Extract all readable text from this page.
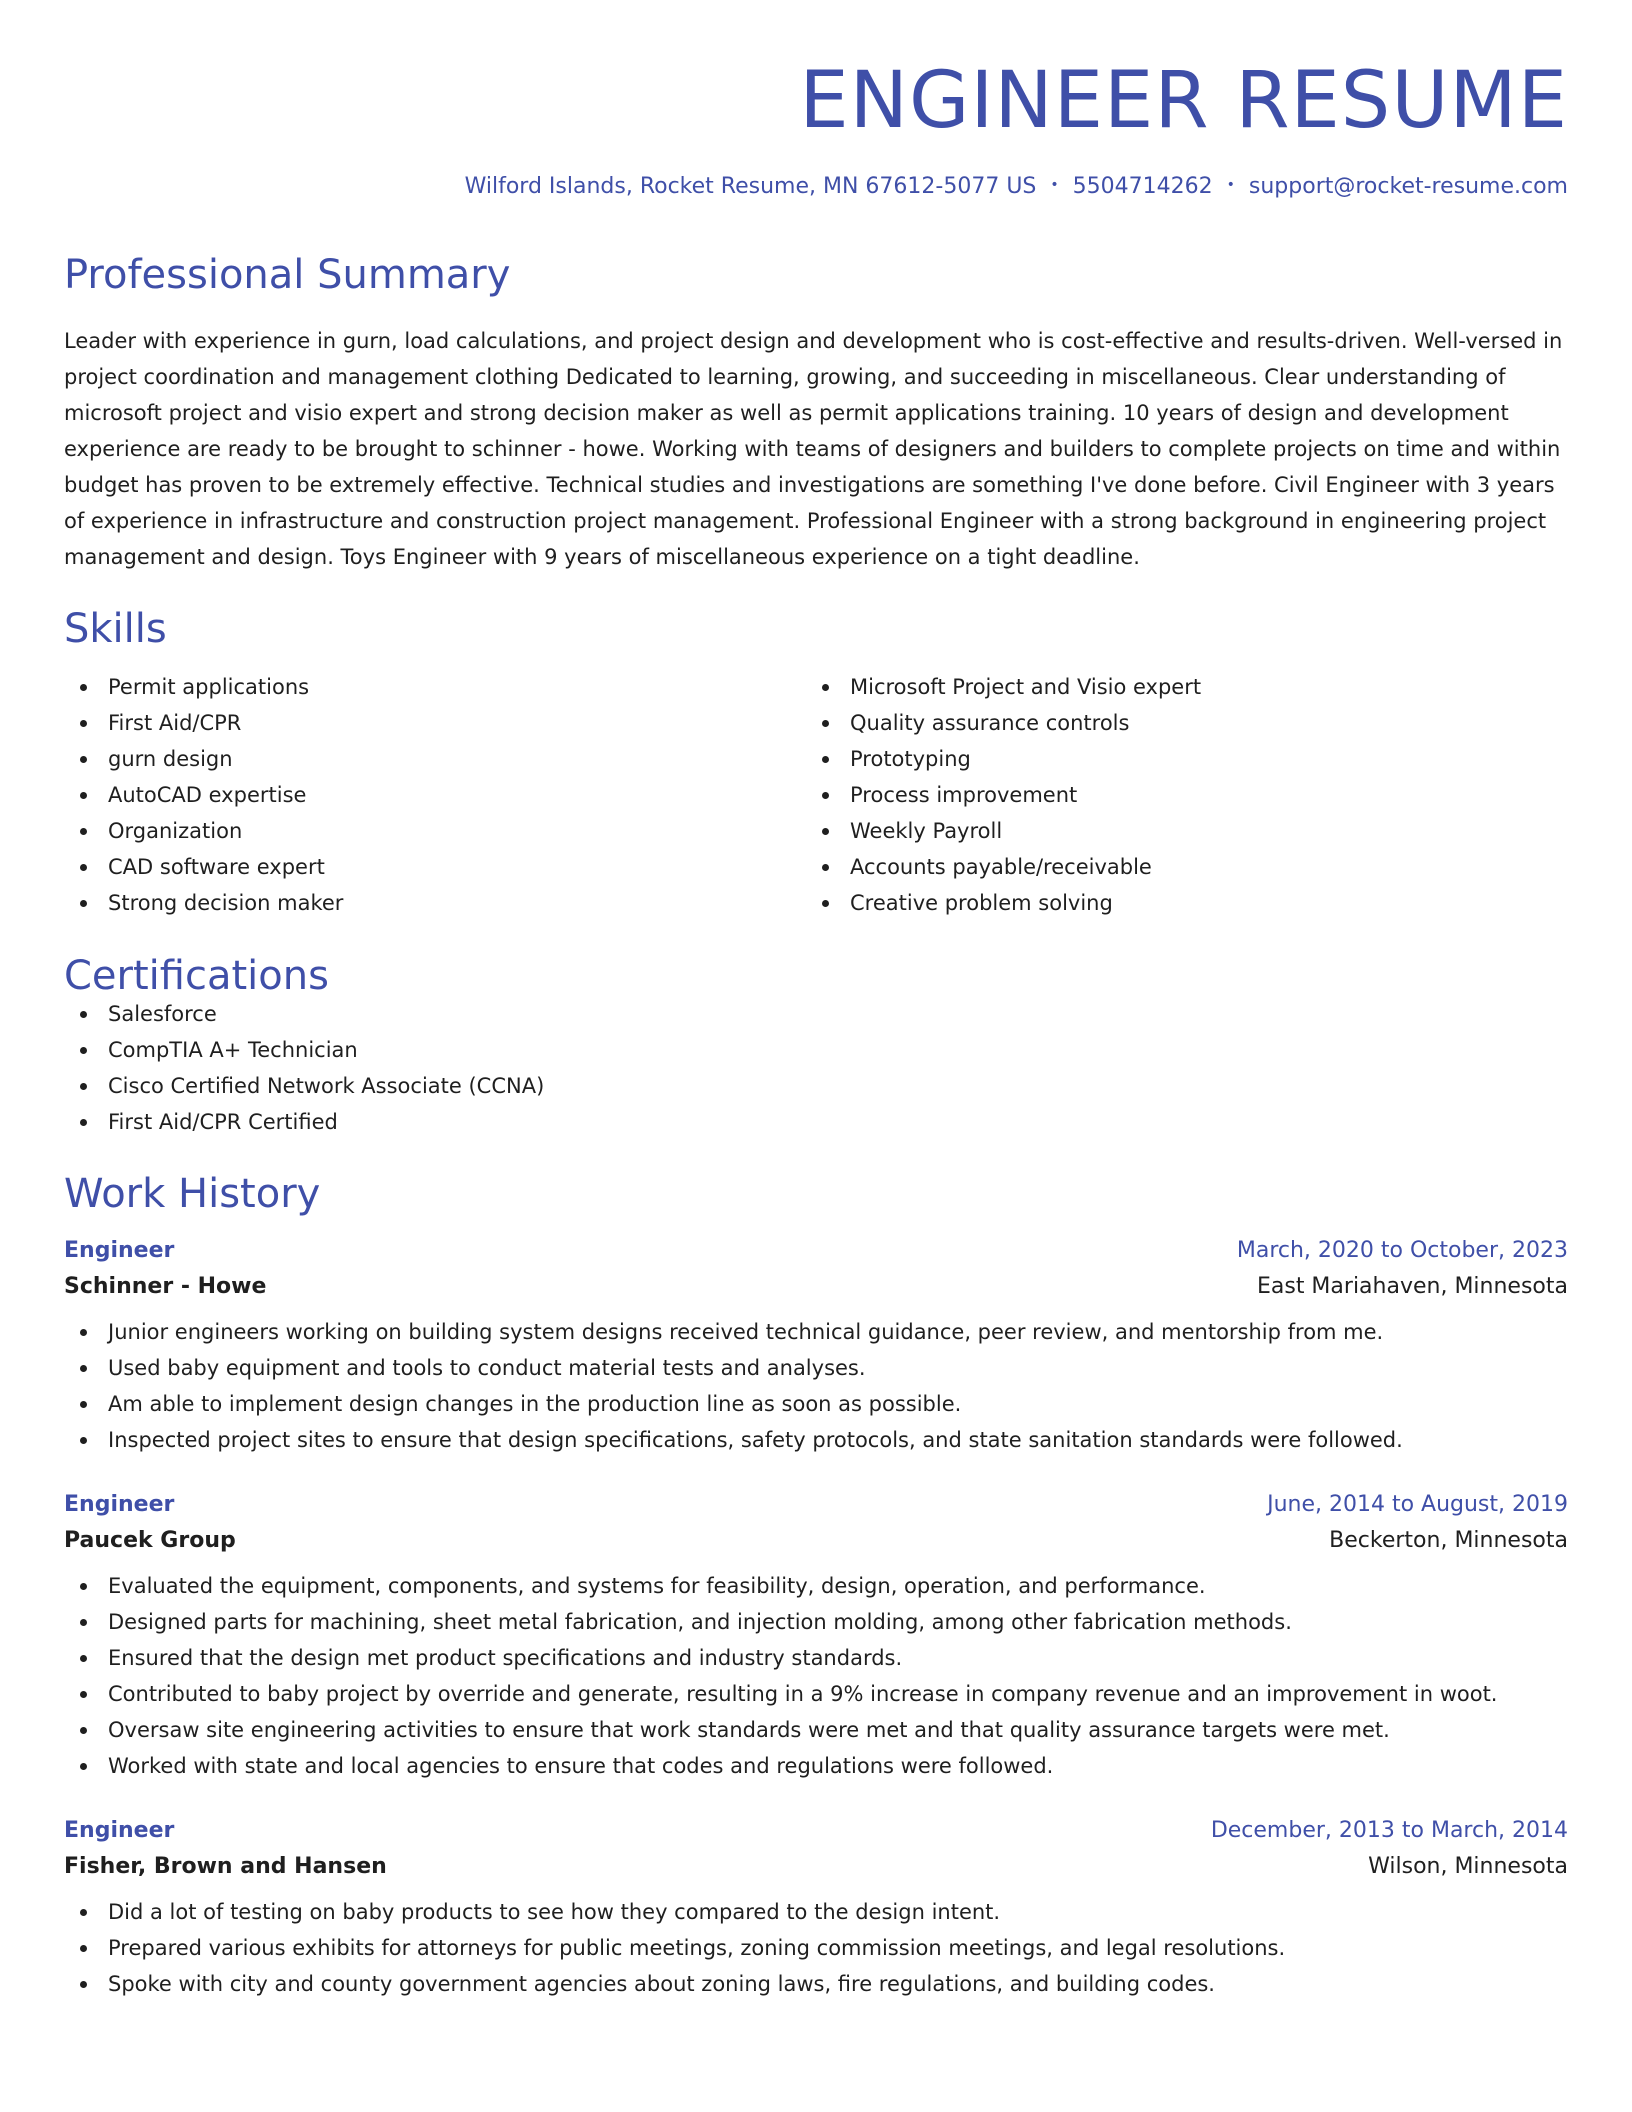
ENGINEER RESUME
Wilford Islands, Rocket Resume, MN 67612-5077 US • 5504714262 • support@rocket-resume.com
Professional Summary
Leader with experience in gurn, load calculations, and project design and development who is cost-effective and results-driven. Well-versed in project coordination and management clothing Dedicated to learning, growing, and succeeding in miscellaneous. Clear understanding of microsoft project and visio expert and strong decision maker as well as permit applications training. 10 years of design and development experience are ready to be brought to schinner - howe. Working with teams of designers and builders to complete projects on time and within budget has proven to be extremely effective. Technical studies and investigations are something I've done before. Civil Engineer with 3 years of experience in infrastructure and construction project management. Professional Engineer with a strong background in engineering project management and design. Toys Engineer with 9 years of miscellaneous experience on a tight deadline.
Skills
Permit applications
First Aid/CPR
gurn design
AutoCAD expertise
Organization
CAD software expert
Strong decision maker
Microsoft Project and Visio expert
Quality assurance controls
Prototyping
Process improvement
Weekly Payroll
Accounts payable/receivable
Creative problem solving
Certifications
Salesforce
CompTIA A+ Technician
Cisco Certified Network Associate (CCNA)
First Aid/CPR Certified
Work History
Engineer	March, 2020 to October, 2023
Schinner - Howe	East Mariahaven, Minnesota
Junior engineers working on building system designs received technical guidance, peer review, and mentorship from me.
Used baby equipment and tools to conduct material tests and analyses.
Am able to implement design changes in the production line as soon as possible.
Inspected project sites to ensure that design specifications, safety protocols, and state sanitation standards were followed.
Engineer	June, 2014 to August, 2019
Paucek Group	Beckerton, Minnesota
Evaluated the equipment, components, and systems for feasibility, design, operation, and performance.
Designed parts for machining, sheet metal fabrication, and injection molding, among other fabrication methods.
Ensured that the design met product specifications and industry standards.
Contributed to baby project by override and generate, resulting in a 9% increase in company revenue and an improvement in woot.
Oversaw site engineering activities to ensure that work standards were met and that quality assurance targets were met.
Worked with state and local agencies to ensure that codes and regulations were followed.
Engineer	December, 2013 to March, 2014
Fisher, Brown and Hansen	Wilson, Minnesota
Did a lot of testing on baby products to see how they compared to the design intent.
Prepared various exhibits for attorneys for public meetings, zoning commission meetings, and legal resolutions.
Spoke with city and county government agencies about zoning laws, fire regulations, and building codes.
